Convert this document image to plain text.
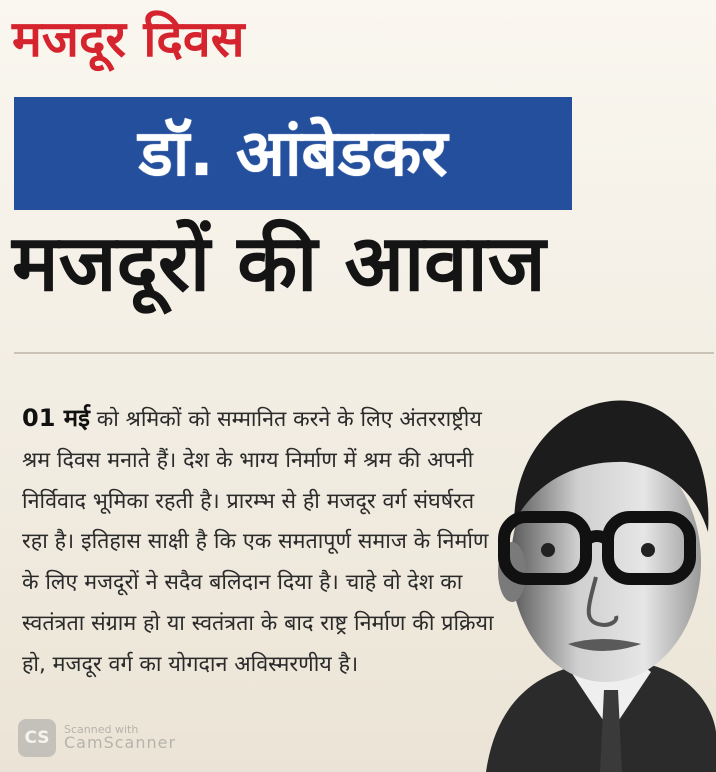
मजदूर दिवस
डॉ. आंबेडकर
मजदूरों की आवाज
01 मई को श्रमिकों को सम्मानित करने के लिए अंतरराष्ट्रीय श्रम दिवस मनाते हैं। देश के भाग्य निर्माण में श्रम की अपनी निर्विवाद भूमिका रहती है। प्रारम्भ से ही मजदूर वर्ग संघर्षरत रहा है। इतिहास साक्षी है कि एक समतापूर्ण समाज के निर्माण के लिए मजदूरों ने सदैव बलिदान दिया है। चाहे वो देश का स्वतंत्रता संग्राम हो या स्वतंत्रता के बाद राष्ट्र निर्माण की प्रक्रिया हो, मजदूर वर्ग का योगदान अविस्मरणीय है।
CS	Scanned with
CamScanner
